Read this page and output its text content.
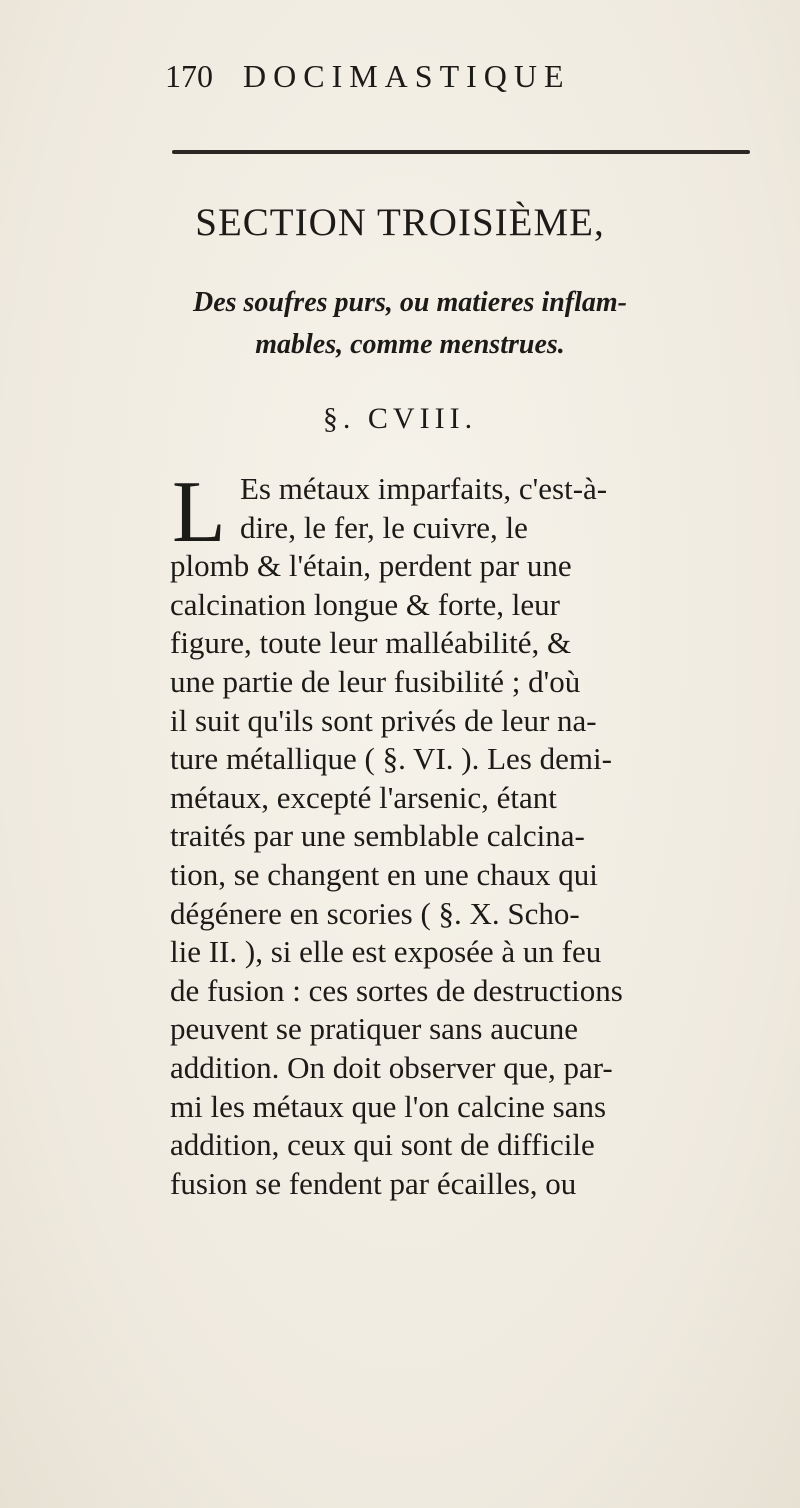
170 DOCIMASTIQUE
SECTION TROISIÈME,
Des soufres purs, ou matieres inflam-
mables, comme menstrues.
§. CVIII.
L Es métaux imparfaits, c'est-à-
dire, le fer, le cuivre, le
plomb & l'étain, perdent par une
calcination longue & forte, leur
figure, toute leur malléabilité, &
une partie de leur fusibilité ; d'où
il suit qu'ils sont privés de leur na-
ture métallique ( §. VI. ). Les demi-
métaux, excepté l'arsenic, étant
traités par une semblable calcina-
tion, se changent en une chaux qui
dégénere en scories ( §. X. Scho-
lie II. ), si elle est exposée à un feu
de fusion : ces sortes de destructions
peuvent se pratiquer sans aucune
addition. On doit observer que, par-
mi les métaux que l'on calcine sans
addition, ceux qui sont de difficile
fusion se fendent par écailles, ou
